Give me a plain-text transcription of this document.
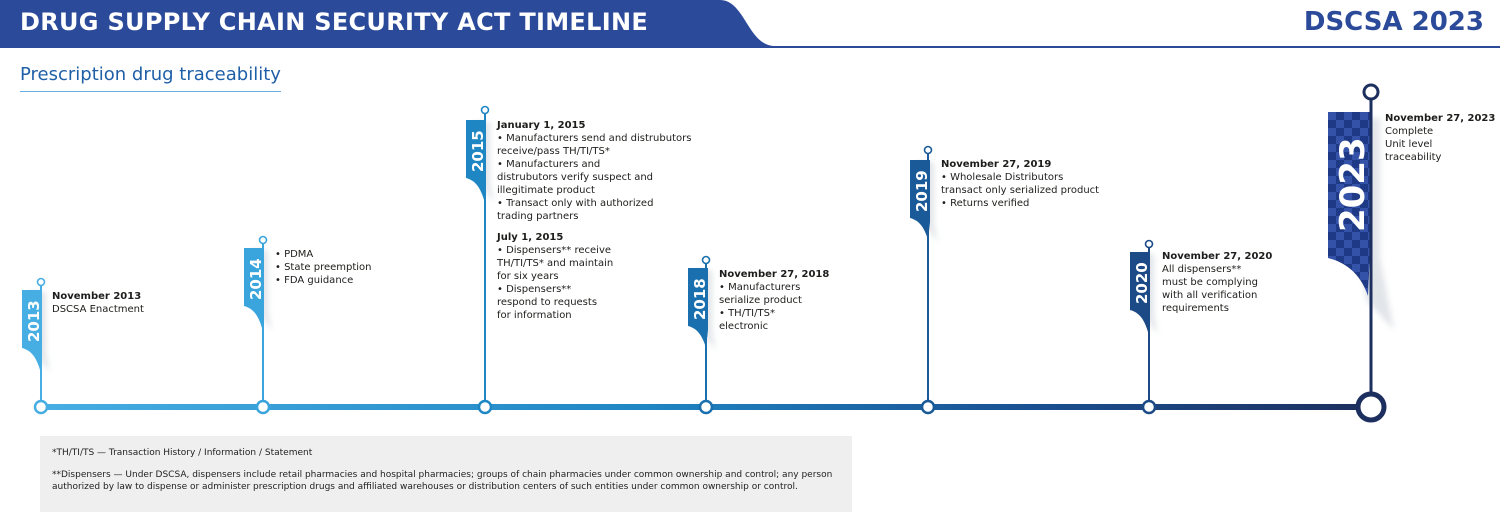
DRUG SUPPLY CHAIN SECURITY ACT TIMELINE	DSCSA 2023
Prescription drug traceability
2013
2014
2015
2018
2019
2020
2023
November 2013
DSCSA Enactment
• PDMA
• State preemption
• FDA guidance
January 1, 2015
• Manufacturers send and distrubutors
receive/pass TH/TI/TS*
• Manufacturers and
distrubutors verify suspect and
illegitimate product
• Transact only with authorized
trading partners
July 1, 2015
• Dispensers** receive
TH/TI/TS* and maintain
for six years
• Dispensers**
respond to requests
for information
November 27, 2018
• Manufacturers
serialize product
• TH/TI/TS*
electronic
November 27, 2019
• Wholesale Distributors
transact only serialized product
• Returns verified
November 27, 2020
All dispensers**
must be complying
with all verification
requirements
November 27, 2023
Complete
Unit level
traceability

*TH/TI/TS — Transaction History / Information / Statement

**Dispensers — Under DSCSA, dispensers include retail pharmacies and hospital pharmacies; groups of chain pharmacies under common ownership and control; any person
authorized by law to dispense or administer prescription drugs and affiliated warehouses or distribution centers of such entities under common ownership or control.
